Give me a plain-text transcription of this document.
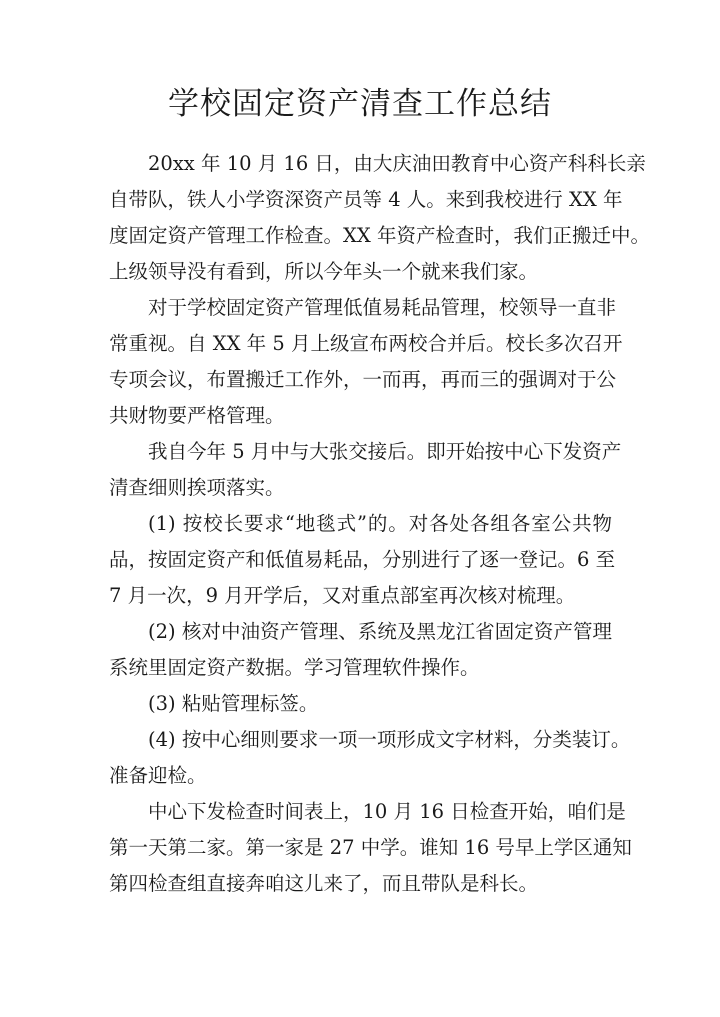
学校固定资产清查工作总结
20xx 年 10 月 16 日，由大庆油田教育中心资产科科长亲
自带队，铁人小学资深资产员等 4 人。来到我校进行 XX 年
度固定资产管理工作检查。XX 年资产检查时，我们正搬迁中。
上级领导没有看到，所以今年头一个就来我们家。
对于学校固定资产管理低值易耗品管理，校领导一直非
常重视。自 XX 年 5 月上级宣布两校合并后。校长多次召开
专项会议，布置搬迁工作外，一而再，再而三的强调对于公
共财物要严格管理。
我自今年 5 月中与大张交接后。即开始按中心下发资产
清查细则挨项落实。
(1) 按校长要求“地毯式”的。对各处各组各室公共物
品，按固定资产和低值易耗品，分别进行了逐一登记。6 至
7 月一次，9 月开学后，又对重点部室再次核对梳理。
(2) 核对中油资产管理、系统及黑龙江省固定资产管理
系统里固定资产数据。学习管理软件操作。
(3) 粘贴管理标签。
(4) 按中心细则要求一项一项形成文字材料，分类装订。
准备迎检。
中心下发检查时间表上，10 月 16 日检查开始，咱们是
第一天第二家。第一家是 27 中学。谁知 16 号早上学区通知
第四检查组直接奔咱这儿来了，而且带队是科长。
